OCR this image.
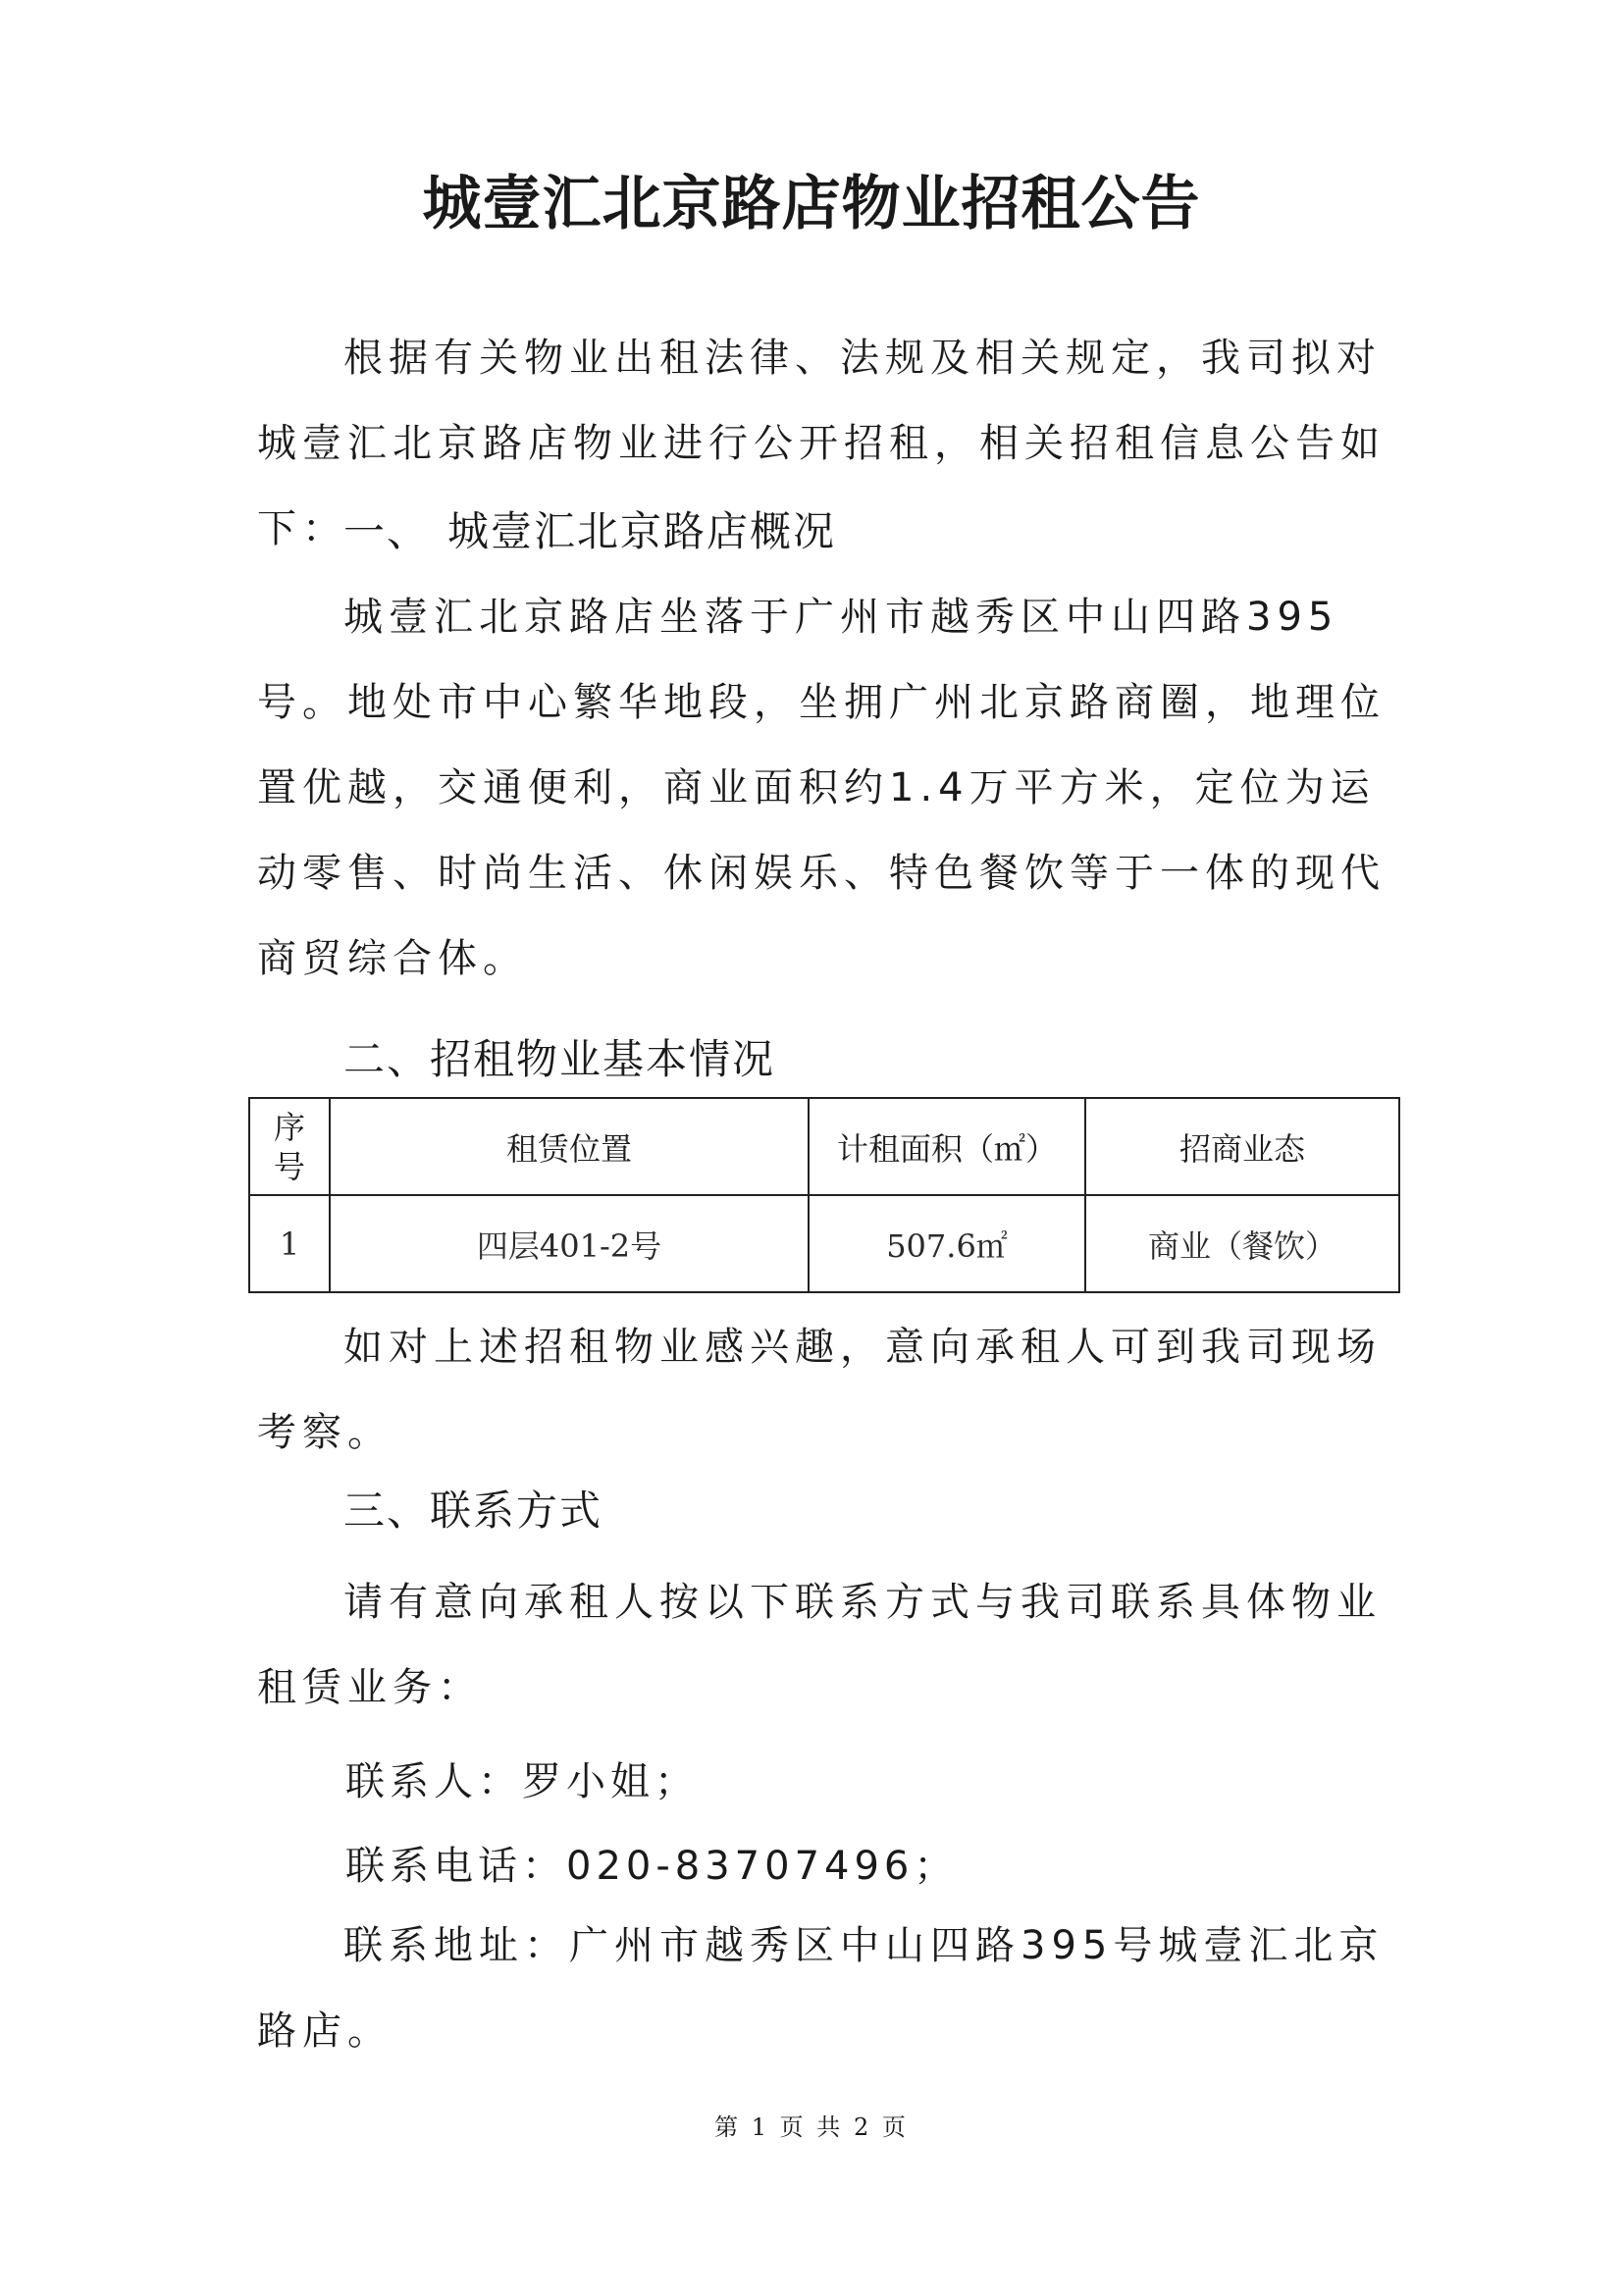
城壹汇北京路店物业招租公告

根据有关物业出租法律、法规及相关规定，我司拟对城壹汇北京路店物业进行公开招租，相关招租信息公告如下：

一、 城壹汇北京路店概况

城壹汇北京路店坐落于广州市越秀区中山四路395号。地处市中心繁华地段，坐拥广州北京路商圈，地理位置优越，交通便利，商业面积约1.4万平方米，定位为运动零售、时尚生活、休闲娱乐、特色餐饮等于一体的现代商贸综合体。

二、招租物业基本情况
序
号	租赁位置	计租面积（㎡）	招商业态
1	四层401-2号	507.6㎡	商业（餐饮）

如对上述招租物业感兴趣，意向承租人可到我司现场考察。

三、联系方式

请有意向承租人按以下联系方式与我司联系具体物业租赁业务：

联系人：罗小姐；
联系电话：020-83707496；

联系地址：广州市越秀区中山四路395号城壹汇北京路店。

第 1 页 共 2 页
